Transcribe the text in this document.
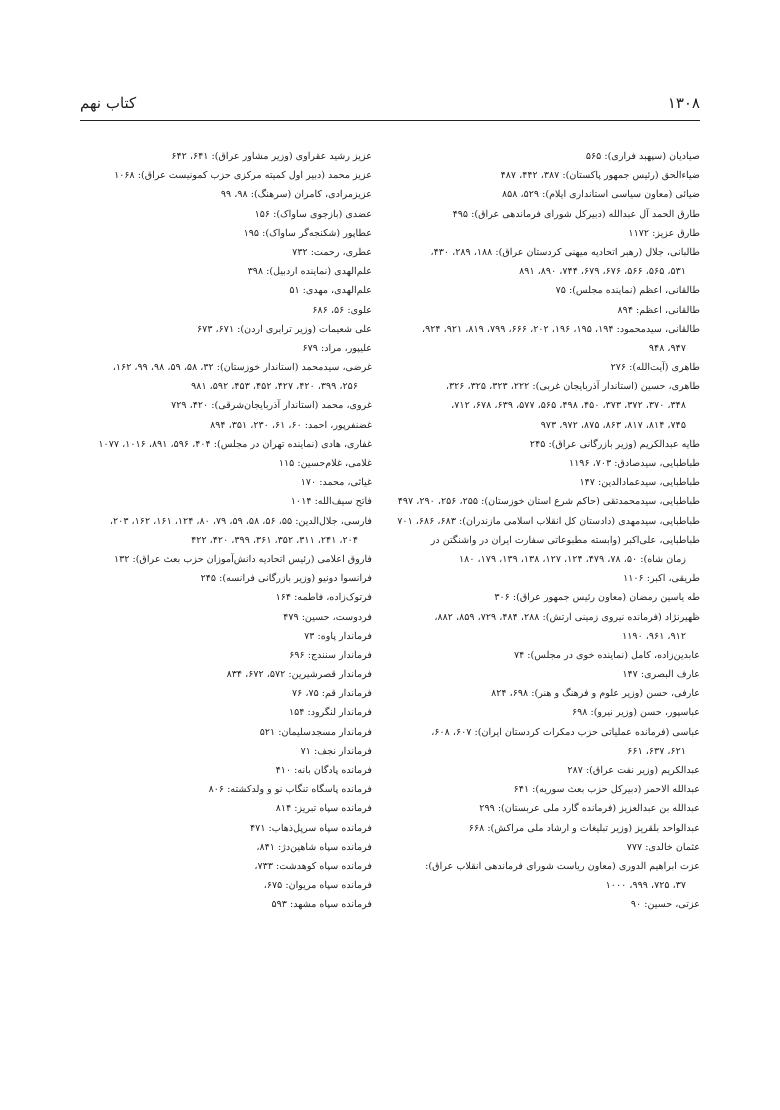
۱۳۰۸
کتاب نهم
صیادیان (سپهبد فراری): ۵۶۵
ضیاءالحق (رئیس جمهور پاکستان): ۳۸۷، ۴۴۲، ۴۸۷
ضیائی (معاون سیاسی استانداری ایلام): ۵۲۹، ۸۵۸
طارق الحمد آل عبدالله (دبیرکل شورای فرماندهی عراق): ۴۹۵
طارق عزیز: ۱۱۷۲
طالبانی، جلال (رهبر اتحادیه میهنی کردستان عراق): ۱۸۸، ۲۸۹، ۴۳۰،
۵۳۱، ۵۶۵، ۵۶۶، ۶۷۶، ۶۷۹، ۷۴۴، ۸۹۰، ۸۹۱
طالقانی، اعظم (نماینده مجلس): ۷۵
طالقانی، اعظم: ۸۹۴
طالقانی، سیدمحمود: ۱۹۴، ۱۹۵، ۱۹۶، ۲۰۲، ۶۶۶، ۷۹۹، ۸۱۹، ۹۲۱، ۹۲۴،
۹۴۷، ۹۴۸
طاهری (آیت‌الله): ۲۷۶
طاهری، حسین (استاندار آذربایجان غربی): ۲۲۲، ۳۲۳، ۳۲۵، ۳۲۶،
۳۴۸، ۳۷۰، ۳۷۲، ۳۷۳، ۴۵۰، ۴۹۸، ۵۶۵، ۵۷۷، ۶۳۹، ۶۷۸، ۷۱۲،
۷۴۵، ۸۱۴، ۸۱۷، ۸۶۳، ۸۷۵، ۹۷۲، ۹۷۳
طایه عبدالکریم (وزیر بازرگانی عراق): ۲۴۵
طباطبایی، سیدصادق: ۷۰۳، ۱۱۹۶
طباطبایی، سیدعمادالدین: ۱۴۷
طباطبایی، سیدمحمدتقی (حاکم شرع استان خوزستان): ۲۵۵، ۲۵۶، ۲۹۰، ۴۹۷
طباطبایی، سیدمهدی (دادستان کل انقلاب اسلامی مازندران): ۶۸۳، ۶۸۶، ۷۰۱
طباطبایی، علی‌اکبر (وابسته مطبوعاتی سفارت ایران در واشنگتن در
زمان شاه): ۵۰، ۷۸، ۴۷۹، ۱۲۴، ۱۲۷، ۱۳۸، ۱۳۹، ۱۷۹، ۱۸۰
طریقی، اکبر: ۱۱۰۶
طه یاسین رمضان (معاون رئیس جمهور عراق): ۳۰۶
ظهیرنژاد (فرمانده نیروی زمینی ارتش): ۲۸۸، ۴۸۴، ۷۲۹، ۸۵۹، ۸۸۲،
۹۱۲، ۹۶۱، ۱۱۹۰
عابدین‌زاده، کامل (نماینده خوی در مجلس): ۷۴
عارف البصری: ۱۴۷
عارفی، حسن (وزیر علوم و فرهنگ و هنر): ۶۹۸، ۸۲۴
عباسپور، حسن (وزیر نیرو): ۶۹۸
عباسی (فرمانده عملیاتی حزب دمکرات کردستان ایران): ۶۰۷، ۶۰۸،
۶۲۱، ۶۳۷، ۶۶۱
عبدالکریم (وزیر نفت عراق): ۲۸۷
عبدالله الاحمر (دبیرکل حزب بعث سوریه): ۶۴۱
عبدالله بن عبدالعزیز (فرمانده گارد ملی عربستان): ۲۹۹
عبدالواحد بلقریز (وزیر تبلیغات و ارشاد ملی مراکش): ۶۶۸
عثمان خالدی: ۷۷۷
عزت ابراهیم الدوری (معاون ریاست شورای فرماندهی انقلاب عراق):
۳۷، ۷۲۵، ۹۹۹، ۱۰۰۰
عزتی، حسین: ۹۰
عزیز رشید عقراوی (وزیر مشاور عراق): ۶۴۱، ۶۴۲
عزیز محمد (دبیر اول کمیته مرکزی حزب کمونیست عراق): ۱۰۶۸
عزیزمرادی، کامران (سرهنگ): ۹۸، ۹۹
عضدی (بازجوی ساواک): ۱۵۶
عطاپور (شکنجه‌گر ساواک): ۱۹۵
عطری، رحمت: ۷۳۲
علم‌الهدی (نماینده اردبیل): ۳۹۸
علم‌الهدی، مهدی: ۵۱
علوی: ۵۶، ۶۸۶
علی شعیمات (وزیر ترابری اردن): ۶۷۱، ۶۷۳
علیپور، مراد: ۶۷۹
غرضی، سیدمحمد (استاندار خوزستان): ۳۲، ۵۸، ۵۹، ۹۸، ۹۹، ۱۶۲،
۲۵۶، ۳۹۹، ۴۲۰، ۴۲۷، ۴۵۲، ۴۵۳، ۵۹۲، ۹۸۱
غروی، محمد (استاندار آذربایجان‌شرقی): ۴۲۰، ۷۲۹
غضنفرپور، احمد: ۶۰، ۶۱، ۲۳۰، ۳۵۱، ۸۹۴
غفاری، هادی (نماینده تهران در مجلس): ۴۰۴، ۵۹۶، ۸۹۱، ۱۰۱۶، ۱۰۷۷
غلامی، غلام‌حسین: ۱۱۵
غیاثی، محمد: ۱۷۰
فاتح سیف‌الله: ۱۰۱۴
فارسی، جلال‌الدین: ۵۵، ۵۶، ۵۸، ۵۹، ۷۹، ۸۰، ۱۲۴، ۱۶۱، ۱۶۲، ۲۰۳،
۲۰۴، ۲۴۱، ۳۱۱، ۳۵۲، ۳۶۱، ۳۹۹، ۴۲۰، ۴۲۲
فاروق اعلامی (رئیس اتحادیه دانش‌آموزان حزب بعث عراق): ۱۳۲
فرانسوا دونیو (وزیر بازرگانی فرانسه): ۲۴۵
فرتوک‌زاده، فاطمه: ۱۶۴
فردوست، حسین: ۴۷۹
فرماندار پاوه: ۷۳
فرماندار سنندج: ۶۹۶
فرماندار قصرشیرین: ۵۷۲، ۶۷۲، ۸۳۴
فرماندار قم: ۷۵، ۷۶
فرماندار لنگرود: ۱۵۴
فرماندار مسجدسلیمان: ۵۲۱
فرماندار نجف: ۷۱
فرمانده پادگان بانه: ۴۱۰
فرمانده پاسگاه تنگاب نو و ولدکشته: ۸۰۶
فرمانده سپاه تبریز: ۸۱۴
فرمانده سپاه سرپل‌ذهاب: ۴۷۱
فرمانده سپاه شاهین‌دژ: ۸۴۱،
فرمانده سپاه کوهدشت: ۷۳۳،
فرمانده سپاه مریوان: ۶۷۵،
فرمانده سپاه مشهد: ۵۹۳
